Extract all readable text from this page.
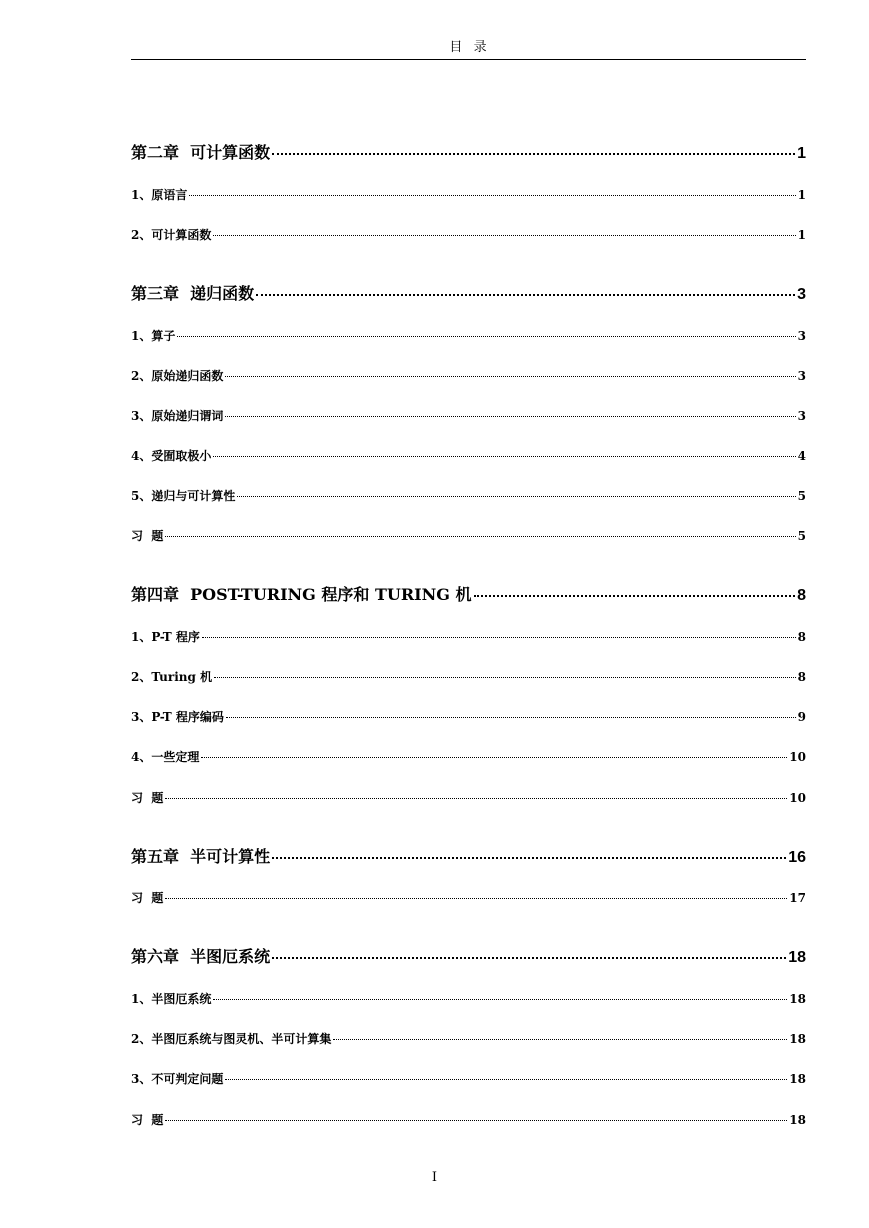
目  录
第二章  可计算函数	1
1、原语言	1
2、可计算函数	1
第三章  递归函数	3
1、算子	3
2、原始递归函数	3
3、原始递归谓词	3
4、受囿取极小	4
5、递归与可计算性	5
习  题	5
第四章  POST-TURING 程序和 TURING 机	8
1、P-T 程序	8
2、Turing 机	8
3、P-T 程序编码	9
4、一些定理	10
习  题	10
第五章  半可计算性	16
习  题	17
第六章  半图厄系统	18
1、半图厄系统	18
2、半图厄系统与图灵机、半可计算集	18
3、不可判定问题	18
习  题	18
I
